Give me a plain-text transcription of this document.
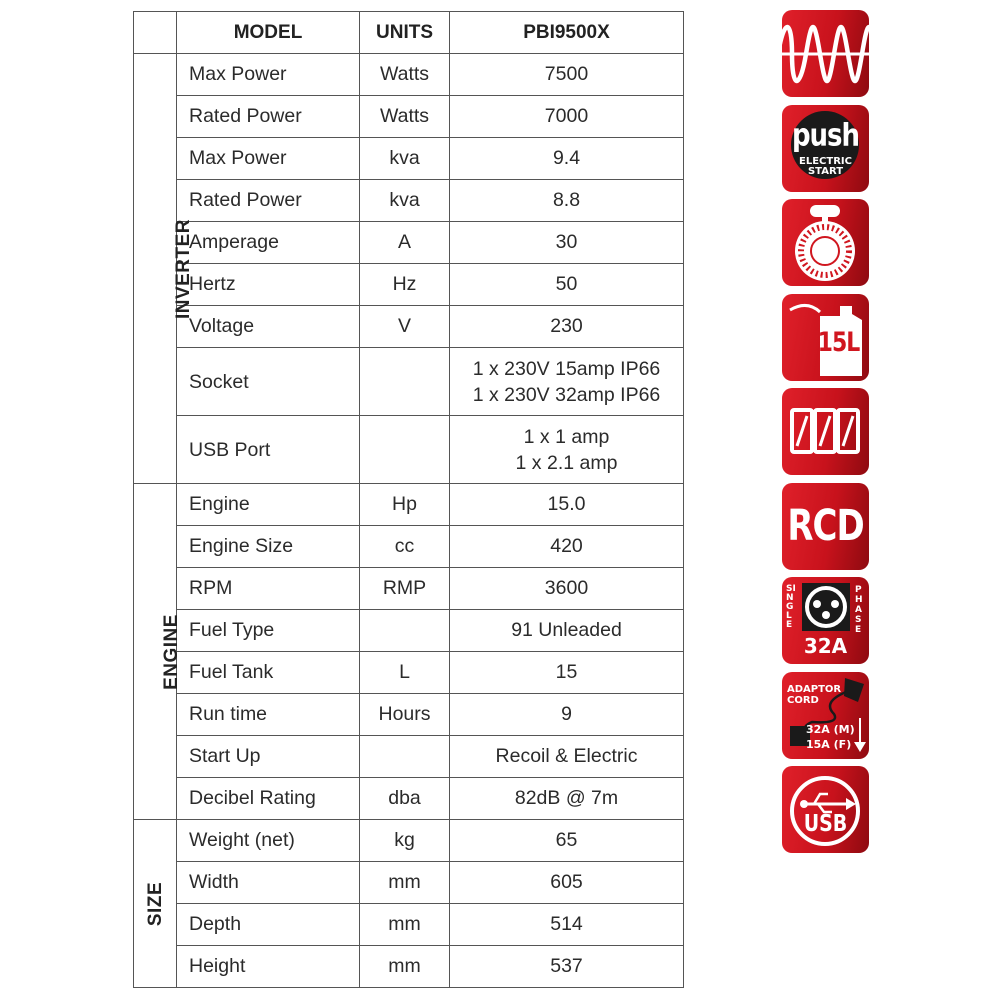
	MODEL	UNITS	PBI9500X
INVERTER	Max Power	Watts	7500
	Rated Power	Watts	7000
	Max Power	kva	9.4
	Rated Power	kva	8.8
	Amperage	A	30
	Hertz	Hz	50
	Voltage	V	230
	Socket		1 x 230V 15amp IP66
1 x 230V 32amp IP66

	USB Port		1 x 1 amp
1 x 2.1 amp

ENGINE	Engine	Hp	15.0
	Engine Size	cc	420
	RPM	RMP	3600
	Fuel Type		91 Unleaded
	Fuel Tank	L	15
	Run time	Hours	9
	Start Up		Recoil & Electric
	Decibel Rating	dba	82dB @ 7m
SIZE	Weight (net)	kg	65
	Width	mm	605
	Depth	mm	514
	Height	mm	537
push
ELECTRIC
START
15L
RCD
SINGLE
PHASE
32A
ADAPTOR
CORD
32A (M)
15A (F)
USB
